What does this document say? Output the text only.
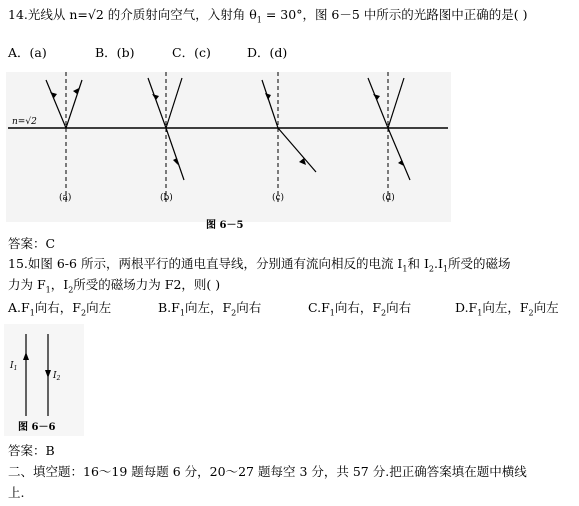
14.光线从 n=√2 的介质射向空气，入射角 $\theta_1 = 30^\circ$，图 6－5 中所示的光路图中正确的是( )
A．(a)	B．(b)	C．(c)	D．(d)
n=√2
(a)	(b)	(c)	(d)
图 6－5
答案：C
15.如图 6-6 所示，两根平行的通电直导线，分别通有流向相反的电流 $I_1$和 $I_2.I_1$所受的磁场
力为 $F_1$，$I_2$所受的磁场力为 F2，则( )
$A.F_1$向右，$F_2$向左	$B.F_1$向左，$F_2$向右	$C.F_1$向右，$F_2$向右	$D.F_1$向左，$F_2$向左
$I_1$
$I_2$
图 6－6
答案：B
二、填空题：16～19 题每题 6 分，20～27 题每空 3 分，共 57 分.把正确答案填在题中横线
上.
